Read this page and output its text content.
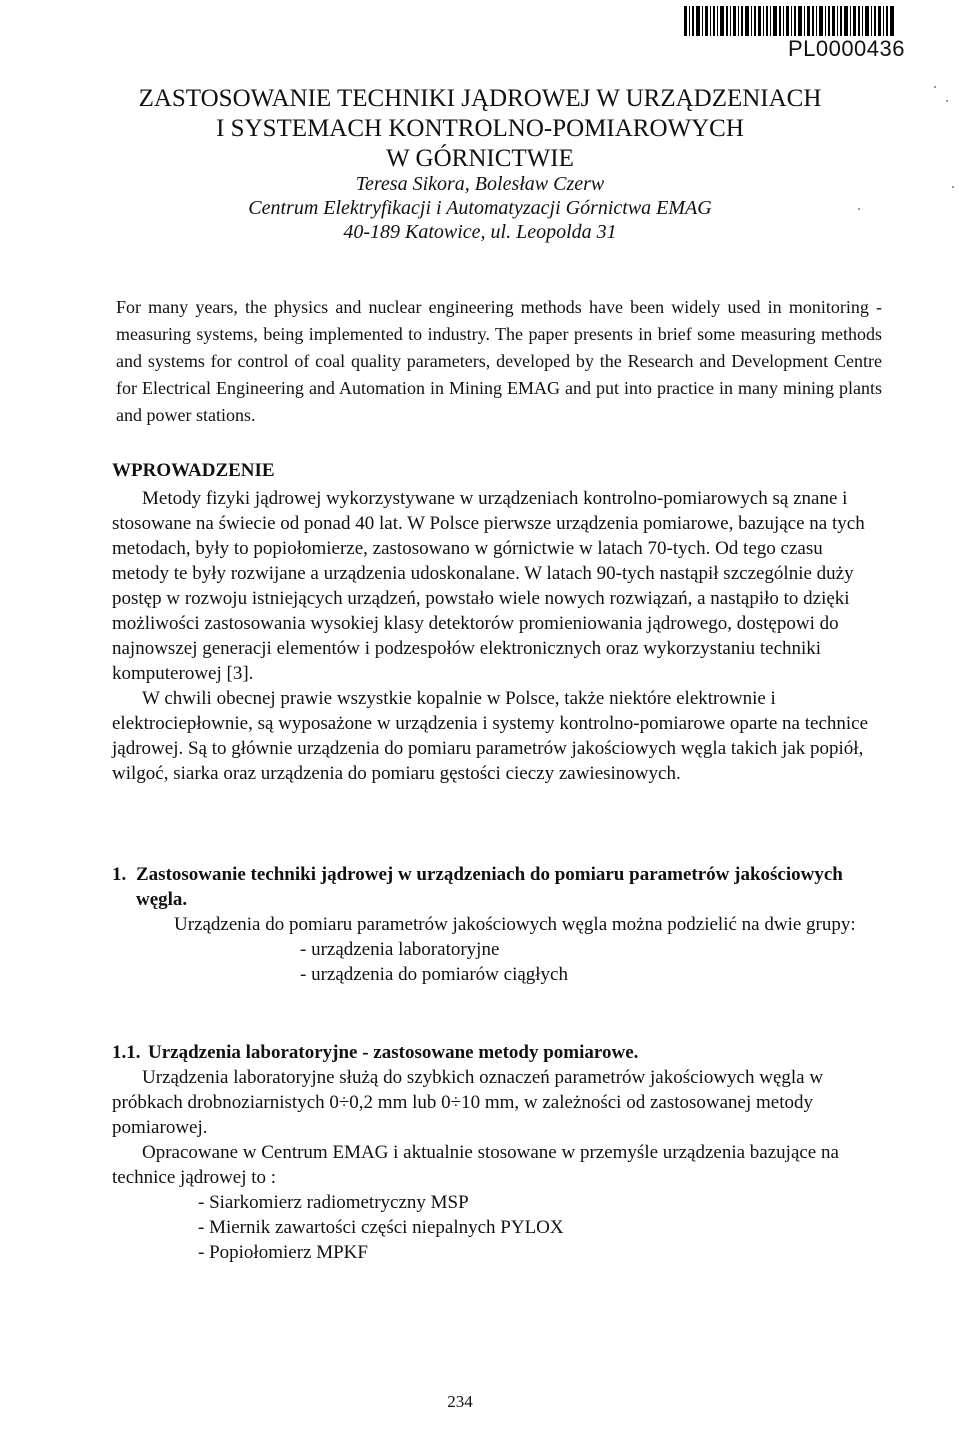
PL0000436
ZASTOSOWANIE TECHNIKI JĄDROWEJ W URZĄDZENIACH
I SYSTEMACH KONTROLNO-POMIAROWYCH
W GÓRNICTWIE
Teresa Sikora, Bolesław Czerw
Centrum Elektryfikacji i Automatyzacji Górnictwa EMAG
40-189 Katowice, ul. Leopolda 31

For many years, the physics and nuclear engineering methods have been widely used in monitoring - measuring systems, being implemented to industry. The paper presents in brief some measuring methods and systems for control of coal quality parameters, developed by the Research and Development Centre for Electrical Engineering and Automation in Mining EMAG and put into practice in many mining plants and power stations.

WPROWADZENIE

Metody fizyki jądrowej wykorzystywane w urządzeniach kontrolno-pomiarowych są znane i stosowane na świecie od ponad 40 lat. W Polsce pierwsze urządzenia pomiarowe, bazujące na tych metodach, były to popiołomierze, zastosowano w górnictwie w latach 70-tych. Od tego czasu metody te były rozwijane a urządzenia udoskonalane. W latach 90-tych nastąpił szczególnie duży postęp w rozwoju istniejących urządzeń, powstało wiele nowych rozwiązań, a nastąpiło to dzięki możliwości zastosowania wysokiej klasy detektorów promieniowania jądrowego, dostępowi do najnowszej generacji elementów i podzespołów elektronicznych oraz wykorzystaniu techniki komputerowej [3].

W chwili obecnej prawie wszystkie kopalnie w Polsce, także niektóre elektrownie i elektrociepłownie, są wyposażone w urządzenia i systemy kontrolno-pomiarowe oparte na technice jądrowej. Są to głównie urządzenia do pomiaru parametrów jakościowych węgla takich jak popiół, wilgoć, siarka oraz urządzenia do pomiaru gęstości cieczy zawiesinowych.

1. Zastosowanie techniki jądrowej w urządzeniach do pomiaru parametrów jakościowych węgla.

Urządzenia do pomiaru parametrów jakościowych węgla można podzielić na dwie grupy:

- urządzenia laboratoryjne
- urządzenia do pomiarów ciągłych
1.1. Urządzenia laboratoryjne - zastosowane metody pomiarowe.

Urządzenia laboratoryjne służą do szybkich oznaczeń parametrów jakościowych węgla w próbkach drobnoziarnistych 0÷0,2 mm lub 0÷10 mm, w zależności od zastosowanej metody pomiarowej.

Opracowane w Centrum EMAG i aktualnie stosowane w przemyśle urządzenia bazujące na technice jądrowej to :

- Siarkomierz radiometryczny MSP
- Miernik zawartości części niepalnych PYLOX
- Popiołomierz MPKF
234
